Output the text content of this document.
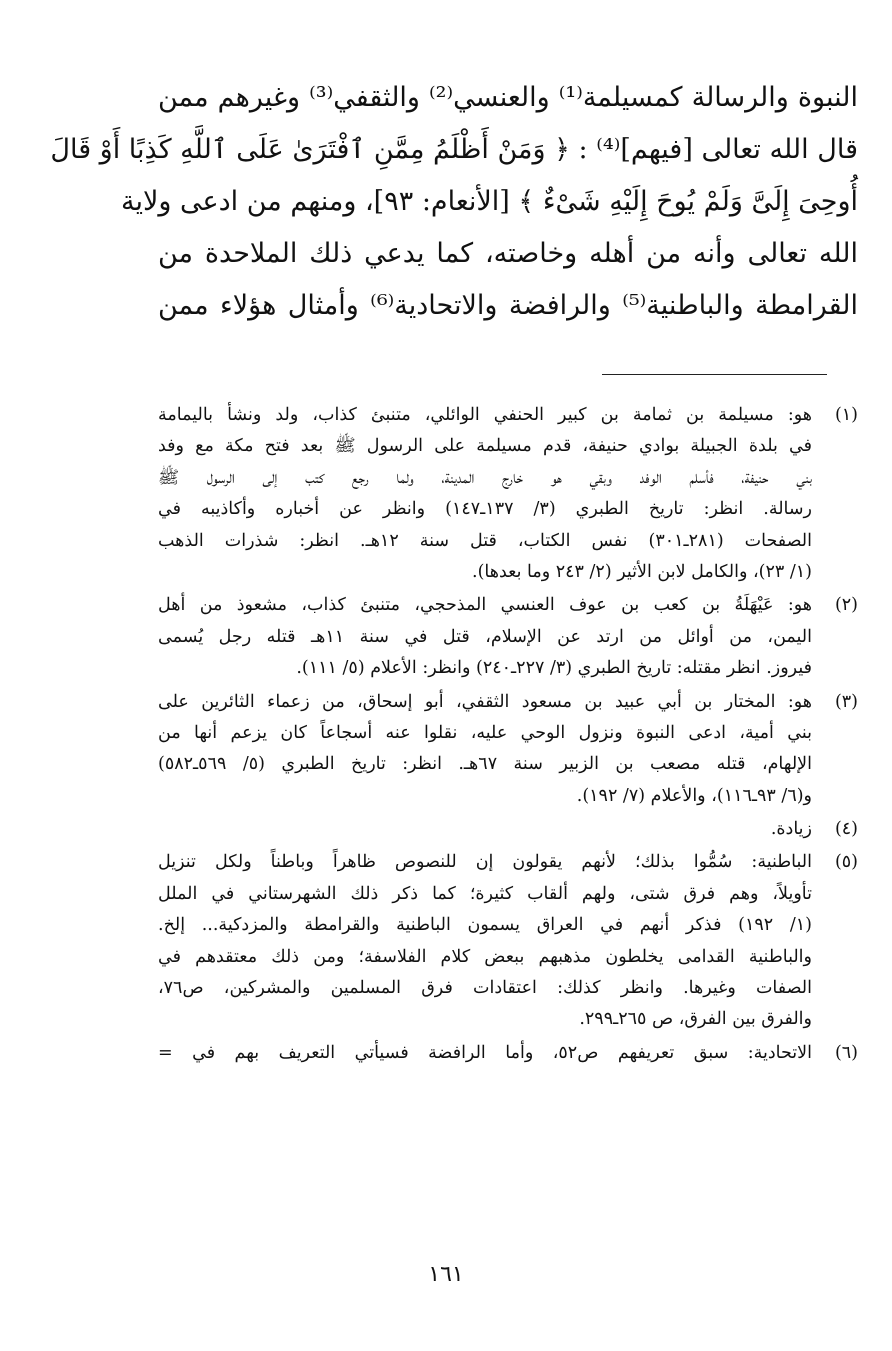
النبوة والرسالة كمسيلمة⁽¹⁾ والعنسي⁽²⁾ والثقفي⁽³⁾ وغيرهم ممن
قال الله تعالى [فيهم]⁽⁴⁾ : ﴿ وَمَنْ أَظْلَمُ مِمَّنِ ٱفْتَرَىٰ عَلَى ٱللَّهِ كَذِبًا أَوْ قَالَ
أُوحِىَ إِلَىَّ وَلَمْ يُوحَ إِلَيْهِ شَىْءٌ ﴾ [الأنعام: ٩٣]، ومنهم من ادعى ولاية
الله تعالى وأنه من أهله وخاصته، كما يدعي ذلك الملاحدة من
القرامطة والباطنية⁽⁵⁾ والرافضة والاتحادية⁽⁶⁾ وأمثال هؤلاء ممن
(١)
هو: مسيلمة بن ثمامة بن كبير الحنفي الوائلي، متنبئ كذاب، ولد ونشأ باليمامة
في بلدة الجبيلة بوادي حنيفة، قدم مسيلمة على الرسول ﷺ بعد فتح مكة مع وفد
بني حنيفة، فأسلم الوفد وبقي هو خارج المدينة، ولما رجع كتب إلى الرسول ﷺ
رسالة. انظر: تاريخ الطبري (٣/ ١٣٧ـ١٤٧) وانظر عن أخباره وأكاذيبه في
الصفحات (٢٨١ـ٣٠١) نفس الكتاب، قتل سنة ١٢هـ. انظر: شذرات الذهب
(١/ ٢٣)، والكامل لابن الأثير (٢/ ٢٤٣ وما بعدها).
(٢)
هو: عَيْهَلَةُ بن كعب بن عوف العنسي المذحجي، متنبئ كذاب، مشعوذ من أهل
اليمن، من أوائل من ارتد عن الإسلام، قتل في سنة ١١هـ قتله رجل يُسمى
فيروز. انظر مقتله: تاريخ الطبري (٣/ ٢٢٧ـ٢٤٠) وانظر: الأعلام (٥/ ١١١).
(٣)
هو: المختار بن أبي عبيد بن مسعود الثقفي، أبو إسحاق، من زعماء الثائرين على
بني أمية، ادعى النبوة ونزول الوحي عليه، نقلوا عنه أسجاعاً كان يزعم أنها من
الإلهام، قتله مصعب بن الزبير سنة ٦٧هـ. انظر: تاريخ الطبري (٥/ ٥٦٩ـ٥٨٢)
و(٦/ ٩٣ـ١١٦)، والأعلام (٧/ ١٩٢).
(٤)
زيادة.
(٥)
الباطنية: سُمُّوا بذلك؛ لأنهم يقولون إن للنصوص ظاهراً وباطناً ولكل تنزيل
تأويلاً، وهم فرق شتى، ولهم ألقاب كثيرة؛ كما ذكر ذلك الشهرستاني في الملل
(١/ ١٩٢) فذكر أنهم في العراق يسمون الباطنية والقرامطة والمزدكية... إلخ.
والباطنية القدامى يخلطون مذهبهم ببعض كلام الفلاسفة؛ ومن ذلك معتقدهم في
الصفات وغيرها. وانظر كذلك: اعتقادات فرق المسلمين والمشركين، ص٧٦،
والفرق بين الفرق، ص ٢٦٥ـ٢٩٩.
(٦)
الاتحادية: سبق تعريفهم ص٥٢، وأما الرافضة فسيأتي التعريف بهم في =
١٦١
